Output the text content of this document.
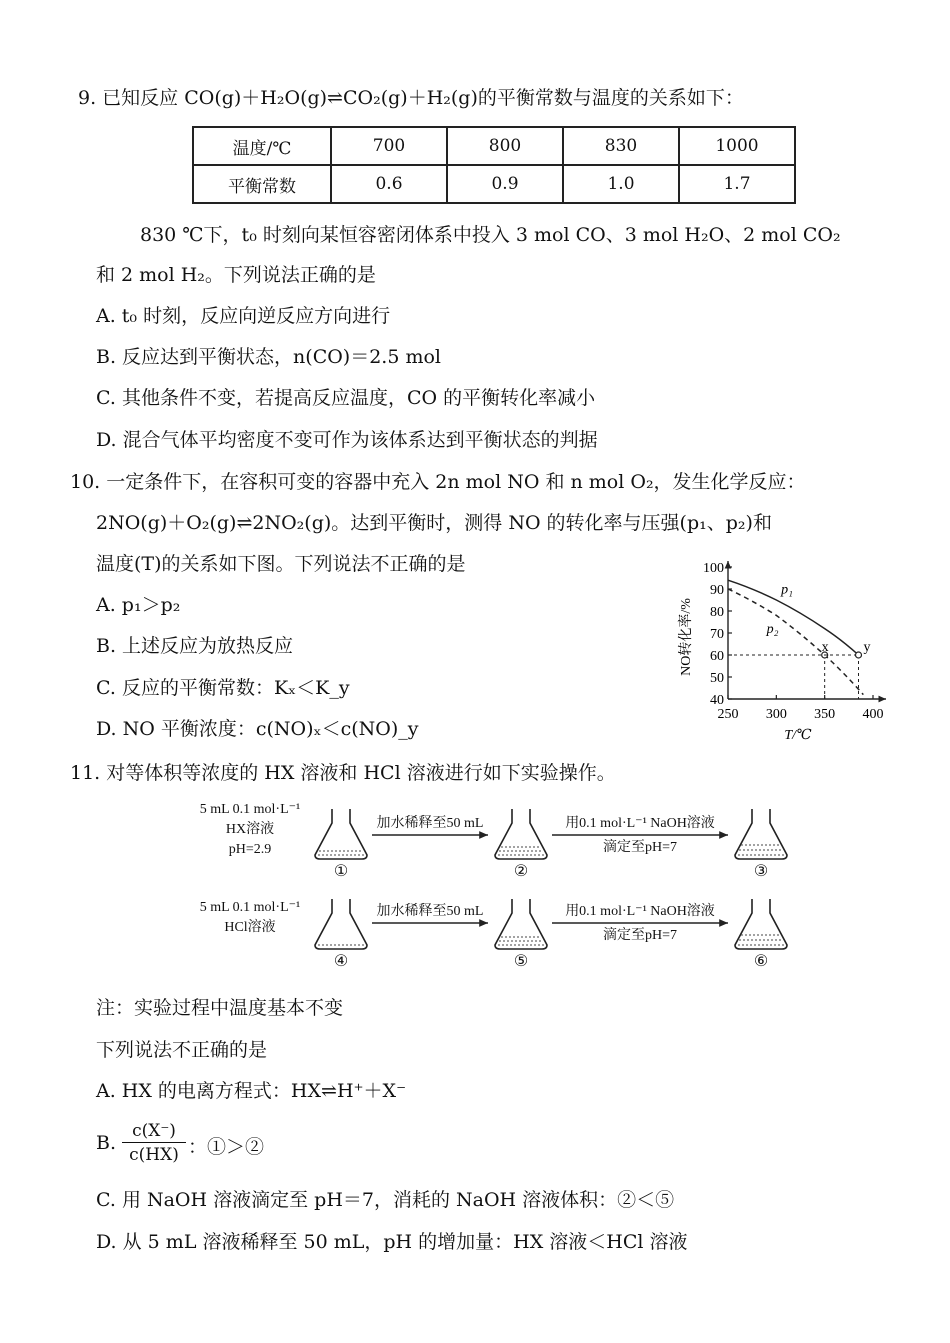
9. 已知反应 CO(g)＋H₂O(g)⇌CO₂(g)＋H₂(g)的平衡常数与温度的关系如下：
温度/℃	700	800	830	1000
平衡常数	0.6	0.9	1.0	1.7
830 ℃下，t₀ 时刻向某恒容密闭体系中投入 3 mol CO、3 mol H₂O、2 mol CO₂
和 2 mol H₂。下列说法正确的是
A. t₀ 时刻，反应向逆反应方向进行
B. 反应达到平衡状态，n(CO)＝2.5 mol
C. 其他条件不变，若提高反应温度，CO 的平衡转化率减小
D. 混合气体平均密度不变可作为该体系达到平衡状态的判据
10. 一定条件下，在容积可变的容器中充入 2n mol NO 和 n mol O₂，发生化学反应：
2NO(g)＋O₂(g)⇌2NO₂(g)。达到平衡时，测得 NO 的转化率与压强(p₁、p₂)和
温度(T)的关系如下图。下列说法不正确的是
A. p₁＞p₂
B. 上述反应为放热反应
C. 反应的平衡常数：Kₓ＜K_y
D. NO 平衡浓度：c(NO)ₓ＜c(NO)_y
40
50
60
70
80
90
100
250 300 350 400
p₁
p₂
x y
NO转化率/%
T/℃
11. 对等体积等浓度的 HX 溶液和 HCl 溶液进行如下实验操作。
5 mL 0.1 mol·L⁻¹
HX溶液
pH=2.9
加水稀释至50 mL	用0.1 mol·L⁻¹ NaOH溶液
滴定至pH=7
①	②	③
5 mL 0.1 mol·L⁻¹
HCl溶液
加水稀释至50 mL	用0.1 mol·L⁻¹ NaOH溶液
滴定至pH=7
④	⑤	⑥
注：实验过程中温度基本不变
下列说法不正确的是
A. HX 的电离方程式：HX⇌H⁺＋X⁻
B.
c(X⁻)
c(HX) ：①＞②
C. 用 NaOH 溶液滴定至 pH＝7，消耗的 NaOH 溶液体积：②＜⑤
D. 从 5 mL 溶液稀释至 50 mL，pH 的增加量：HX 溶液＜HCl 溶液
